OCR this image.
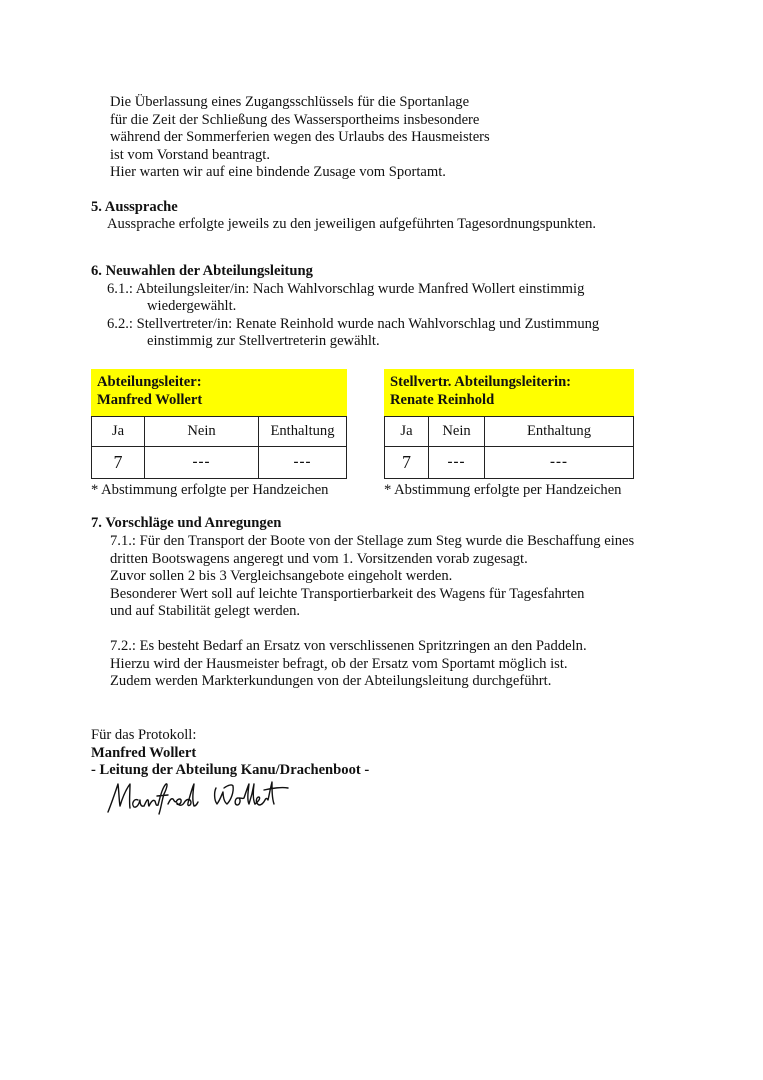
Die Überlassung eines Zugangsschlüssels für die Sportanlage
für die Zeit der Schließung des Wassersportheims insbesondere
während der Sommerferien wegen des Urlaubs des Hausmeisters
ist vom Vorstand beantragt.
Hier warten wir auf eine bindende Zusage vom Sportamt.
5. Aussprache
Aussprache erfolgte jeweils zu den jeweiligen aufgeführten Tagesordnungspunkten.
6. Neuwahlen der Abteilungsleitung
6.1.: Abteilungsleiter/in: Nach Wahlvorschlag wurde Manfred Wollert einstimmig
wiedergewählt.
6.2.: Stellvertreter/in: Renate Reinhold wurde nach Wahlvorschlag und Zustimmung
einstimmig zur Stellvertreterin gewählt.
Abteilungsleiter:
Manfred Wollert
Ja	Nein	Enthaltung
7	---	---
* Abstimmung erfolgte per Handzeichen
Stellvertr. Abteilungsleiterin:
Renate Reinhold
Ja	Nein	Enthaltung
7	---	---
* Abstimmung erfolgte per Handzeichen
7. Vorschläge und Anregungen
7.1.: Für den Transport der Boote von der Stellage zum Steg wurde die Beschaffung eines
dritten Bootswagens angeregt und vom 1. Vorsitzenden vorab zugesagt.
Zuvor sollen 2 bis 3 Vergleichsangebote eingeholt werden.
Besonderer Wert soll auf leichte Transportierbarkeit des Wagens für Tagesfahrten
und auf Stabilität gelegt werden.
7.2.: Es besteht Bedarf an Ersatz von verschlissenen Spritzringen an den Paddeln.
Hierzu wird der Hausmeister befragt, ob der Ersatz vom Sportamt möglich ist.
Zudem werden Markterkundungen von der Abteilungsleitung durchgeführt.
Für das Protokoll:
Manfred Wollert
- Leitung der Abteilung Kanu/Drachenboot -
